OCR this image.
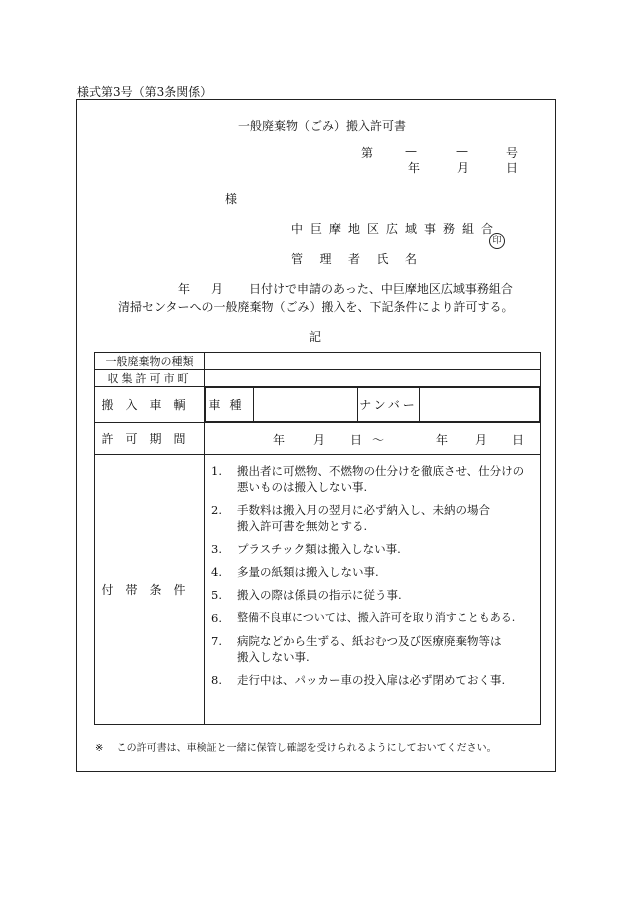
様式第3号（第3条関係）
一般廃棄物（ごみ）搬入許可書
第	—	—	号
年	月	日
様
中巨摩地区広域事務組合
管理者氏名
印
年 月 日付けで申請のあった、中巨摩地区広域事務組合
清掃センターへの一般廃棄物（ごみ）搬入を、下記条件により許可する。
記
一般廃棄物の種類	
収集許可市町	
搬入車輌	車種		ナンバー	

許可期間	年 月 日 〜	年 月 日

付帯条件	
1.	搬出者に可燃物、不燃物の仕分けを徹底させ、仕分けの悪いものは搬入しない事.
2.	手数料は搬入月の翌月に必ず納入し、未納の場合搬入許可書を無効とする.
3.	プラスチック類は搬入しない事.
4.	多量の紙類は搬入しない事.
5.	搬入の際は係員の指示に従う事.
6.	整備不良車については、搬入許可を取り消すこともある.
7.	病院などから生ずる、紙おむつ及び医療廃棄物等は搬入しない事.
8.	走行中は、パッカー車の投入扉は必ず閉めておく事.
※ この許可書は、車検証と一緒に保管し確認を受けられるようにしておいてください。
